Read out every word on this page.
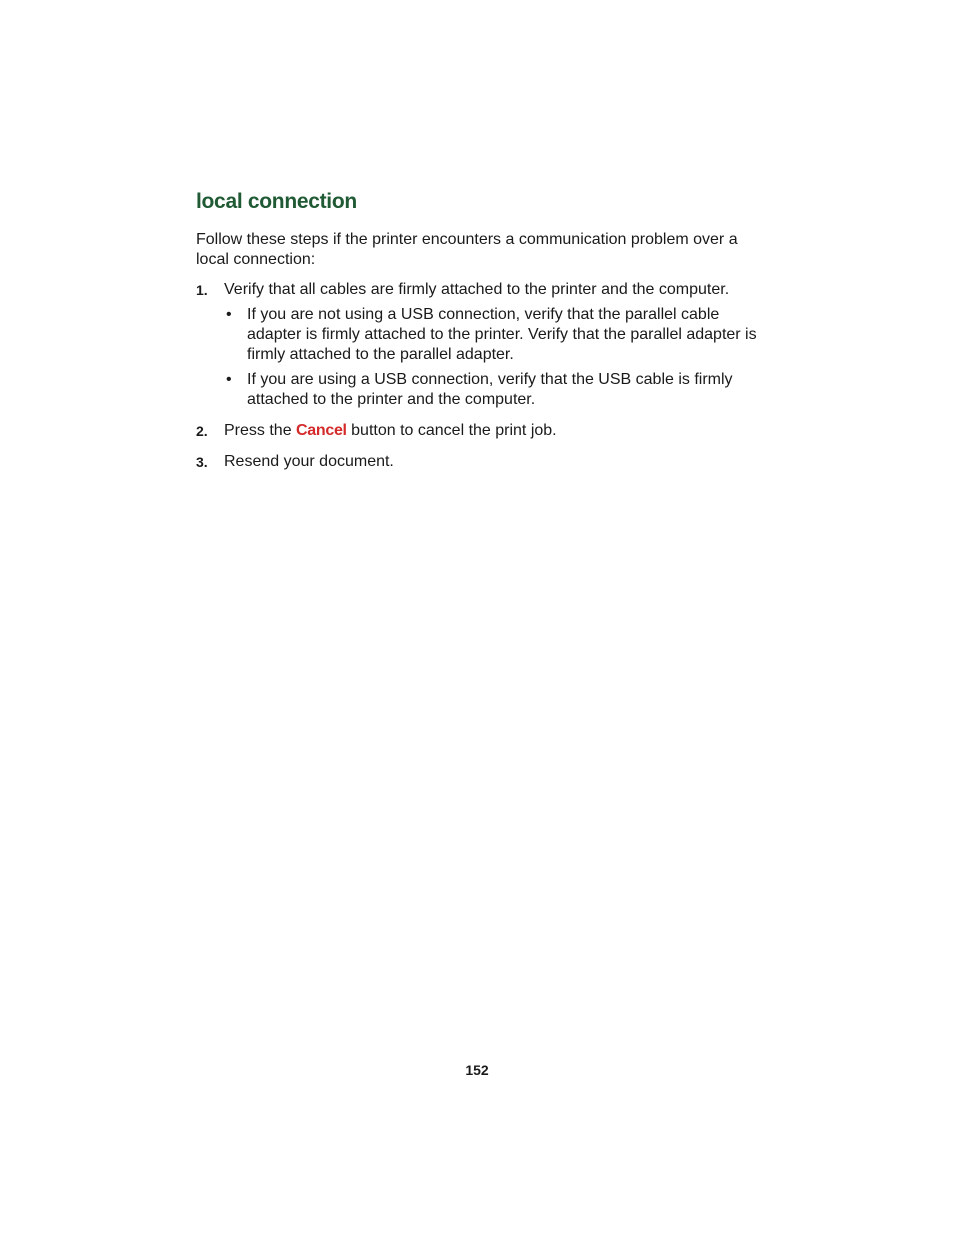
local connection

Follow these steps if the printer encounters a communication problem over a local connection:

1. Verify that all cables are firmly attached to the printer and the computer.
• If you are not using a USB connection, verify that the parallel cable adapter is firmly attached to the printer. Verify that the parallel adapter is firmly attached to the parallel adapter.
• If you are using a USB connection, verify that the USB cable is firmly attached to the printer and the computer.
2. Press the Cancel button to cancel the print job.
3. Resend your document.
152
